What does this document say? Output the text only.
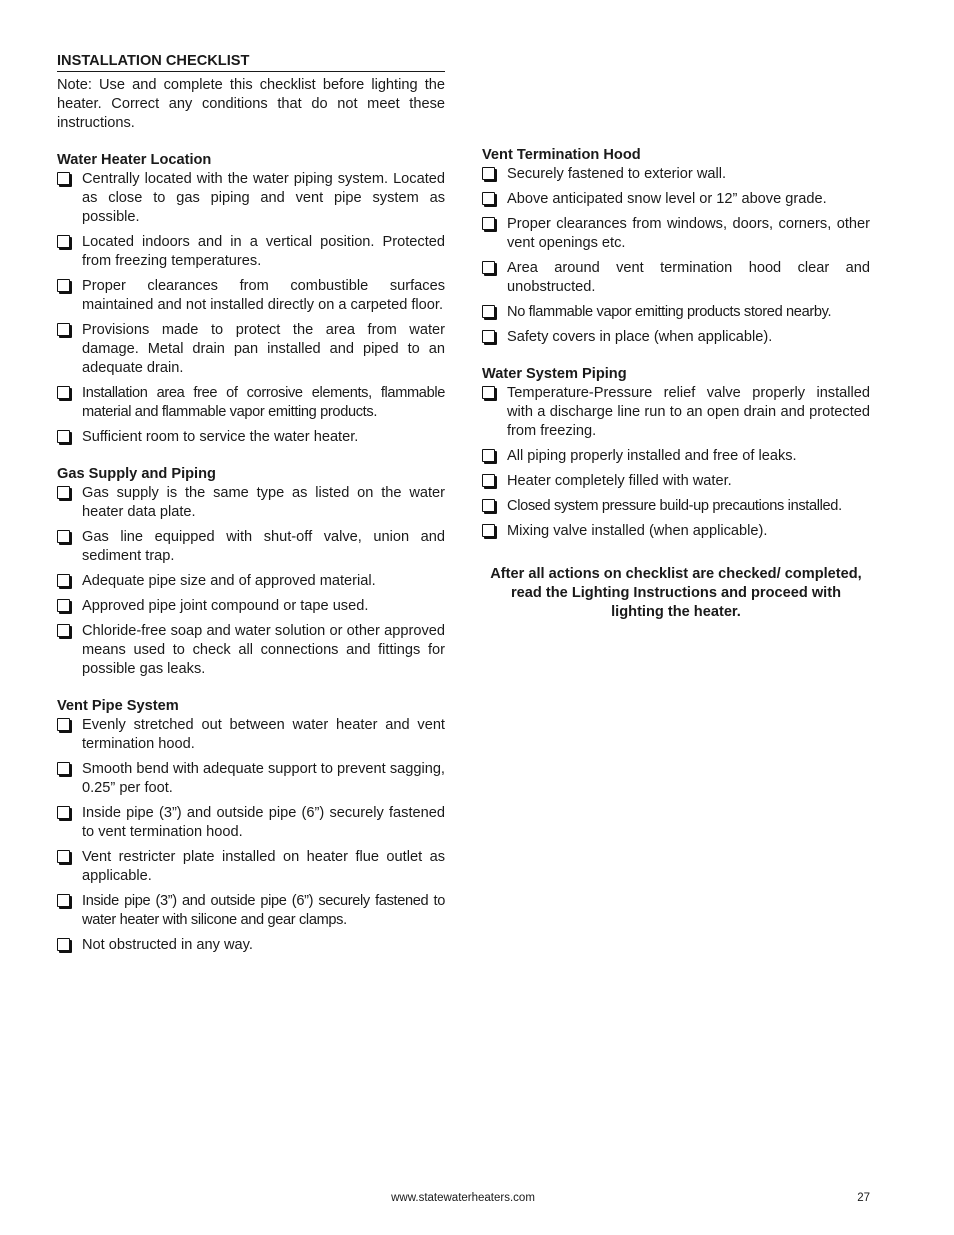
INSTALLATION CHECKLIST

Note: Use and complete this checklist before lighting the heater. Correct any conditions that do not meet these instructions.

Water Heater Location
Centrally located with the water piping system. Located as close to gas piping and vent pipe system as possible.
Located indoors and in a vertical position. Protected from freezing temperatures.
Proper clearances from combustible surfaces maintained and not installed directly on a carpeted floor.
Provisions made to protect the area from water damage. Metal drain pan installed and piped to an adequate drain.
Installation area free of corrosive elements, flammable material and flammable vapor emitting products.
Sufficient room to service the water heater.
Gas Supply and Piping
Gas supply is the same type as listed on the water heater data plate.
Gas line equipped with shut-off valve, union and sediment trap.
Adequate pipe size and of approved material.
Approved pipe joint compound or tape used.
Chloride-free soap and water solution or other approved means used to check all connections and fittings for possible gas leaks.
Vent Pipe System
Evenly stretched out between water heater and vent termination hood.
Smooth bend with adequate support to prevent sagging, 0.25” per foot.
Inside pipe (3”) and outside pipe (6”) securely fastened to vent termination hood.
Vent restricter plate installed on heater flue outlet as applicable.
Inside pipe (3”) and outside pipe (6”) securely fastened to water heater with silicone and gear clamps.
Not obstructed in any way.
Vent Termination Hood
Securely fastened to exterior wall.
Above anticipated snow level or 12” above grade.
Proper clearances from windows, doors, corners, other vent openings etc.
Area around vent termination hood clear and unobstructed.
No flammable vapor emitting products stored nearby.
Safety covers in place (when applicable).
Water System Piping
Temperature-Pressure relief valve properly installed with a discharge line run to an open drain and protected from freezing.
All piping properly installed and free of leaks.
Heater completely filled with water.
Closed system pressure build-up precautions installed.
Mixing valve installed (when applicable).
After all actions on checklist are checked/ completed, read the Lighting Instructions and proceed with lighting the heater.
www.statewaterheaters.com	27
